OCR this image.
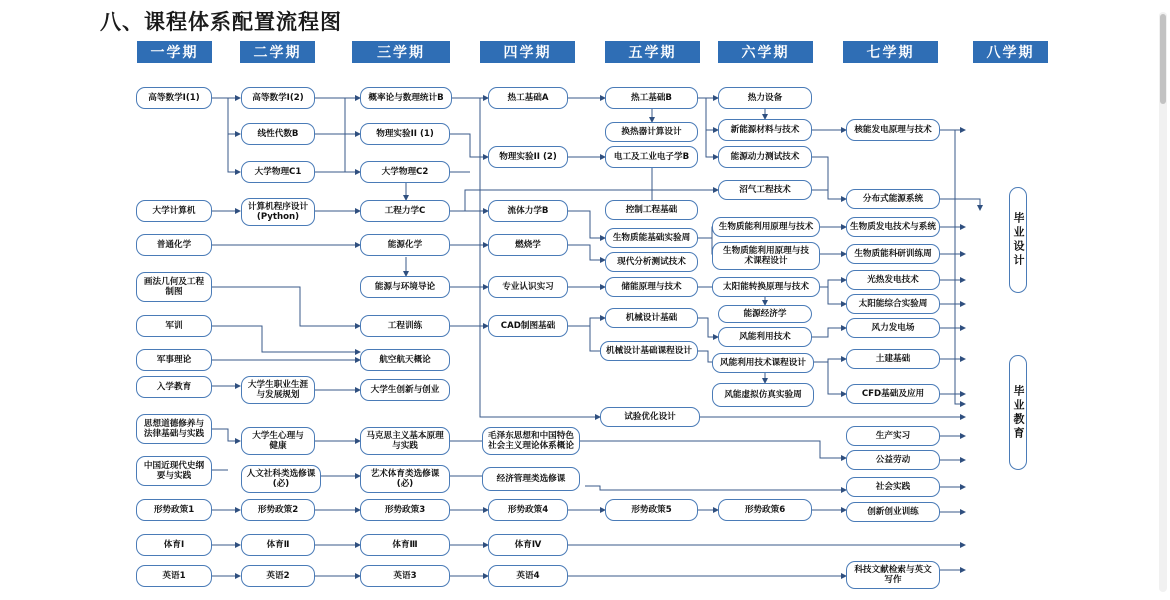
八、课程体系配置流程图
一学期	二学期	三学期	四学期	五学期	六学期	七学期	八学期
高等数学Ⅰ(1)
大学计算机
普通化学
画法几何及工程
制图
军训
军事理论
入学教育
思想道德修养与
法律基础与实践
中国近现代史纲
要与实践
形势政策1
体育Ⅰ
英语1
高等数学Ⅰ(2)
线性代数B
大学物理C1
计算机程序设计
(Python)
大学生职业生涯
与发展规划
大学生心理与
健康
人文社科类选修课
(必)
形势政策2
体育Ⅱ
英语2
概率论与数理统计B
物理实验II (1)
大学物理C2
工程力学C
能源化学
能源与环境导论
工程训练
航空航天概论
大学生创新与创业
马克思主义基本原理
与实践
艺术体育类选修课
(必)
形势政策3
体育Ⅲ
英语3
热工基础A
物理实验II (2)
流体力学B
燃烧学
专业认识实习
CAD制图基础
毛泽东思想和中国特色
社会主义理论体系概论
经济管理类选修课
形势政策4
体育Ⅳ
英语4
热工基础B
换热器计算设计
电工及工业电子学B
控制工程基础
生物质能基础实验周
现代分析测试技术
储能原理与技术
机械设计基础
机械设计基础课程设计
试验优化设计
形势政策5
热力设备
新能源材料与技术
能源动力测试技术
沼气工程技术
生物质能利用原理与技术
生物质能利用原理与技
术课程设计
太阳能转换原理与技术
能源经济学
风能利用技术
风能利用技术课程设计
风能虚拟仿真实验周
形势政策6
核能发电原理与技术
分布式能源系统
生物质发电技术与系统
生物质能科研训练周
光热发电技术
太阳能综合实验周
风力发电场
土建基础
CFD基础及应用
生产实习
公益劳动
社会实践
创新创业训练
科技文献检索与英文
写作
毕业设计
毕业教育
